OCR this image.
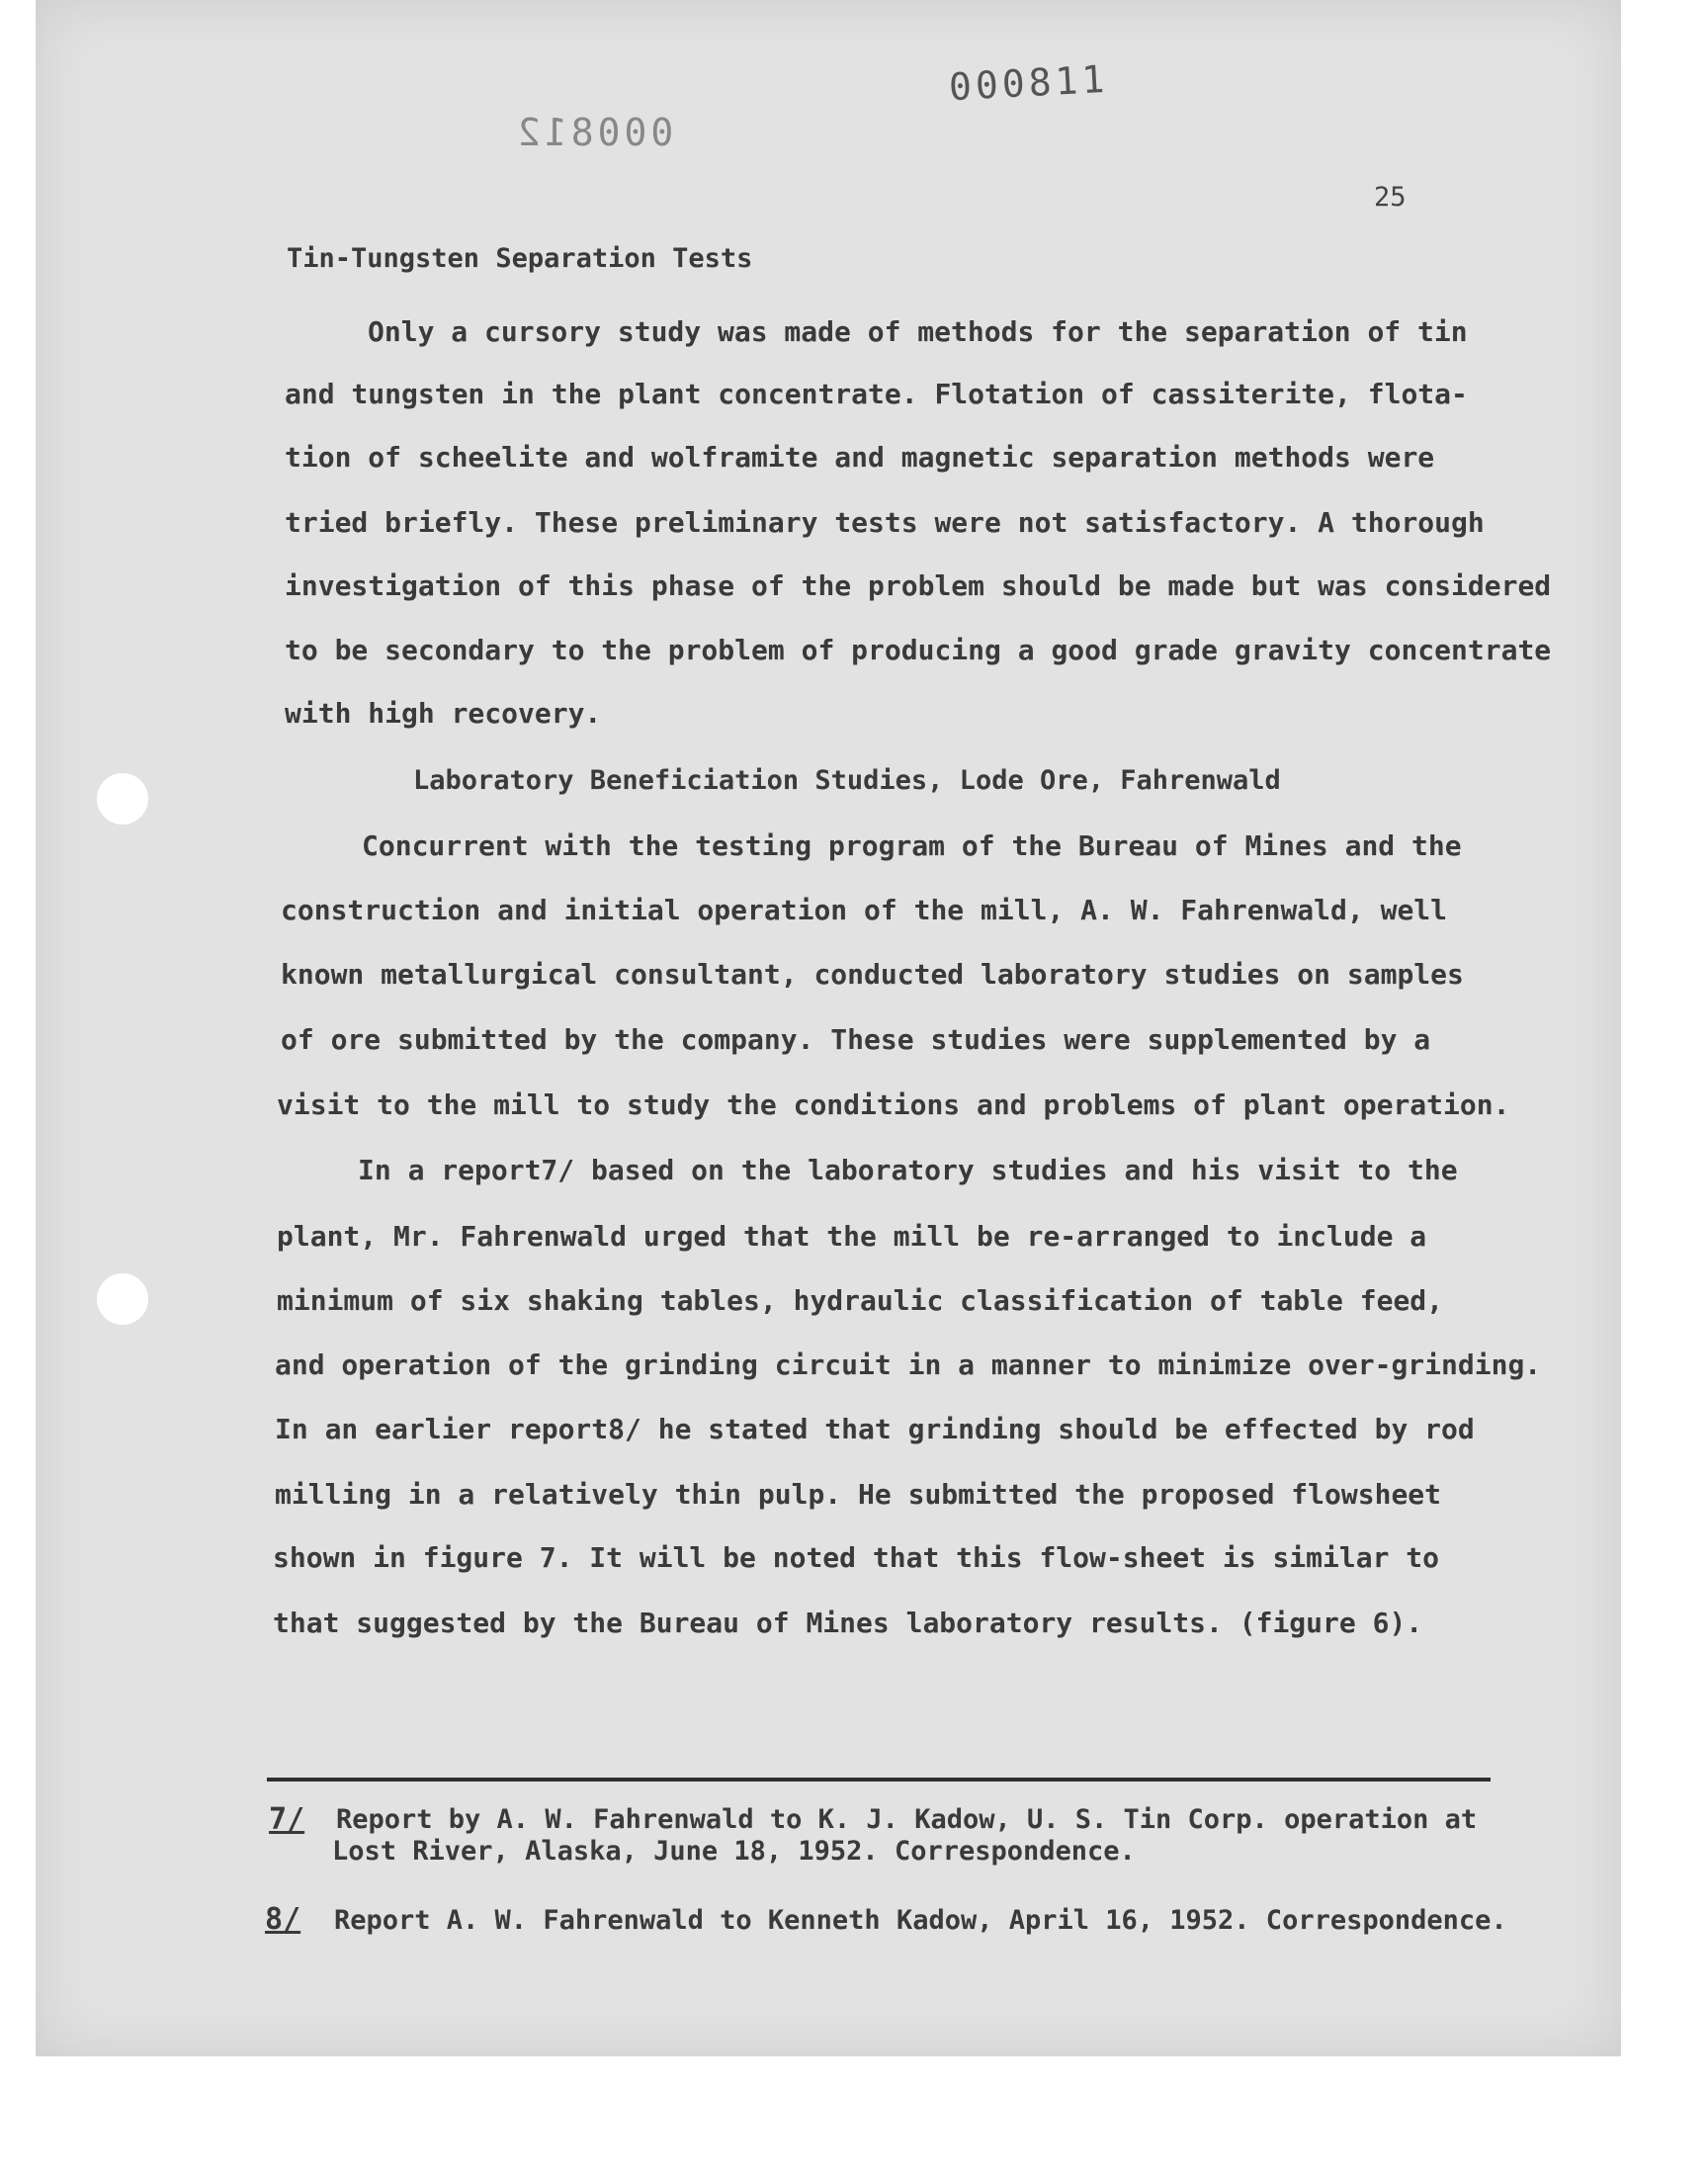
000811
000812
25
Tin-Tungsten Separation Tests
Only a cursory study was made of methods for the separation of tin
and tungsten in the plant concentrate. Flotation of cassiterite, flota-
tion of scheelite and wolframite and magnetic separation methods were
tried briefly. These preliminary tests were not satisfactory. A thorough
investigation of this phase of the problem should be made but was considered
to be secondary to the problem of producing a good grade gravity concentrate
with high recovery.
Laboratory Beneficiation Studies, Lode Ore, Fahrenwald
Concurrent with the testing program of the Bureau of Mines and the
construction and initial operation of the mill, A. W. Fahrenwald, well
known metallurgical consultant, conducted laboratory studies on samples
of ore submitted by the company. These studies were supplemented by a
visit to the mill to study the conditions and problems of plant operation.
In a report7/ based on the laboratory studies and his visit to the
plant, Mr. Fahrenwald urged that the mill be re-arranged to include a
minimum of six shaking tables, hydraulic classification of table feed,
and operation of the grinding circuit in a manner to minimize over-grinding.
In an earlier report8/ he stated that grinding should be effected by rod
milling in a relatively thin pulp. He submitted the proposed flowsheet
shown in figure 7. It will be noted that this flow-sheet is similar to
that suggested by the Bureau of Mines laboratory results. (figure 6).
7/ Report by A. W. Fahrenwald to K. J. Kadow, U. S. Tin Corp. operation at
Lost River, Alaska, June 18, 1952. Correspondence.
8/ Report A. W. Fahrenwald to Kenneth Kadow, April 16, 1952. Correspondence.
